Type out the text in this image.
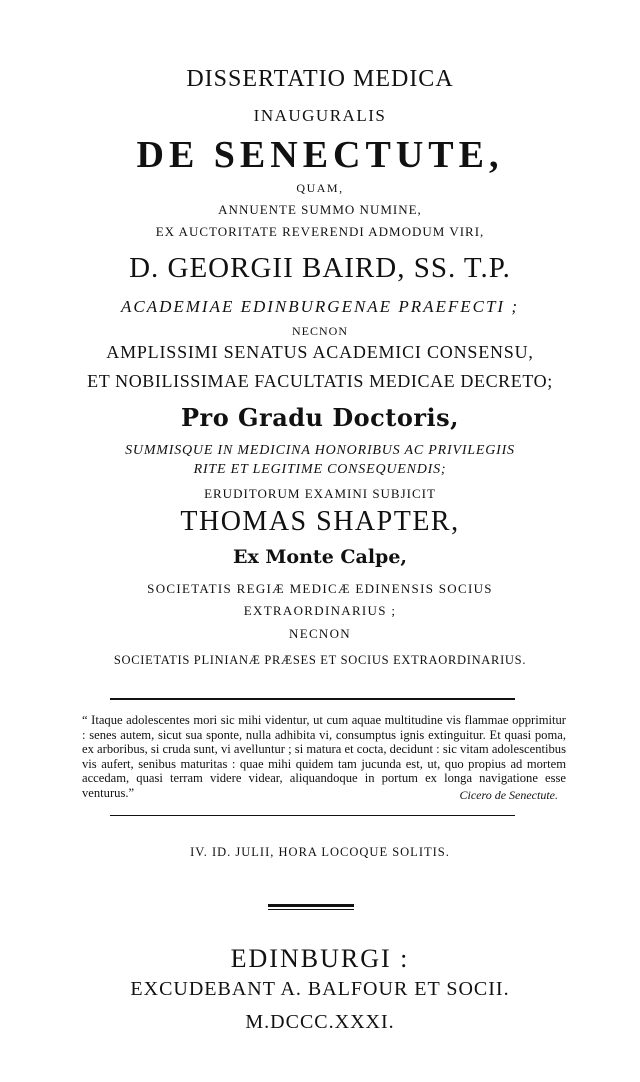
DISSERTATIO MEDICA
INAUGURALIS
DE SENECTUTE,
QUAM,
ANNUENTE SUMMO NUMINE,
EX AUCTORITATE REVERENDI ADMODUM VIRI,
D. GEORGII BAIRD, SS. T.P.
ACADEMIAE EDINBURGENAE PRAEFECTI ;
NECNON
AMPLISSIMI SENATUS ACADEMICI CONSENSU,
ET NOBILISSIMAE FACULTATIS MEDICAE DECRETO;
Pro Gradu Doctoris,
SUMMISQUE IN MEDICINA HONORIBUS AC PRIVILEGIIS
RITE ET LEGITIME CONSEQUENDIS;
ERUDITORUM EXAMINI SUBJICIT
THOMAS SHAPTER,
Ex Monte Calpe,
SOCIETATIS REGIÆ MEDICÆ EDINENSIS SOCIUS
EXTRAORDINARIUS ;
NECNON
SOCIETATIS PLINIANÆ PRÆSES ET SOCIUS EXTRAORDINARIUS.

“ Itaque adolescentes mori sic mihi videntur, ut cum aquae multitudine vis flammae opprimitur : senes autem, sicut sua sponte, nulla adhibita vi, consumptus ignis extinguitur. Et quasi poma, ex arboribus, si cruda sunt, vi avelluntur ; si matura et cocta, decidunt : sic vitam adolescentibus vis aufert, senibus maturitas : quae mihi quidem tam jucunda est, ut, quo propius ad mortem accedam, quasi terram videre videar, aliquandoque in portum ex longa navigatione esse venturus.”	Cicero de Senectute.
IV. ID. JULII, HORA LOCOQUE SOLITIS.
EDINBURGI :
EXCUDEBANT A. BALFOUR ET SOCII.
M.DCCC.XXXI.
